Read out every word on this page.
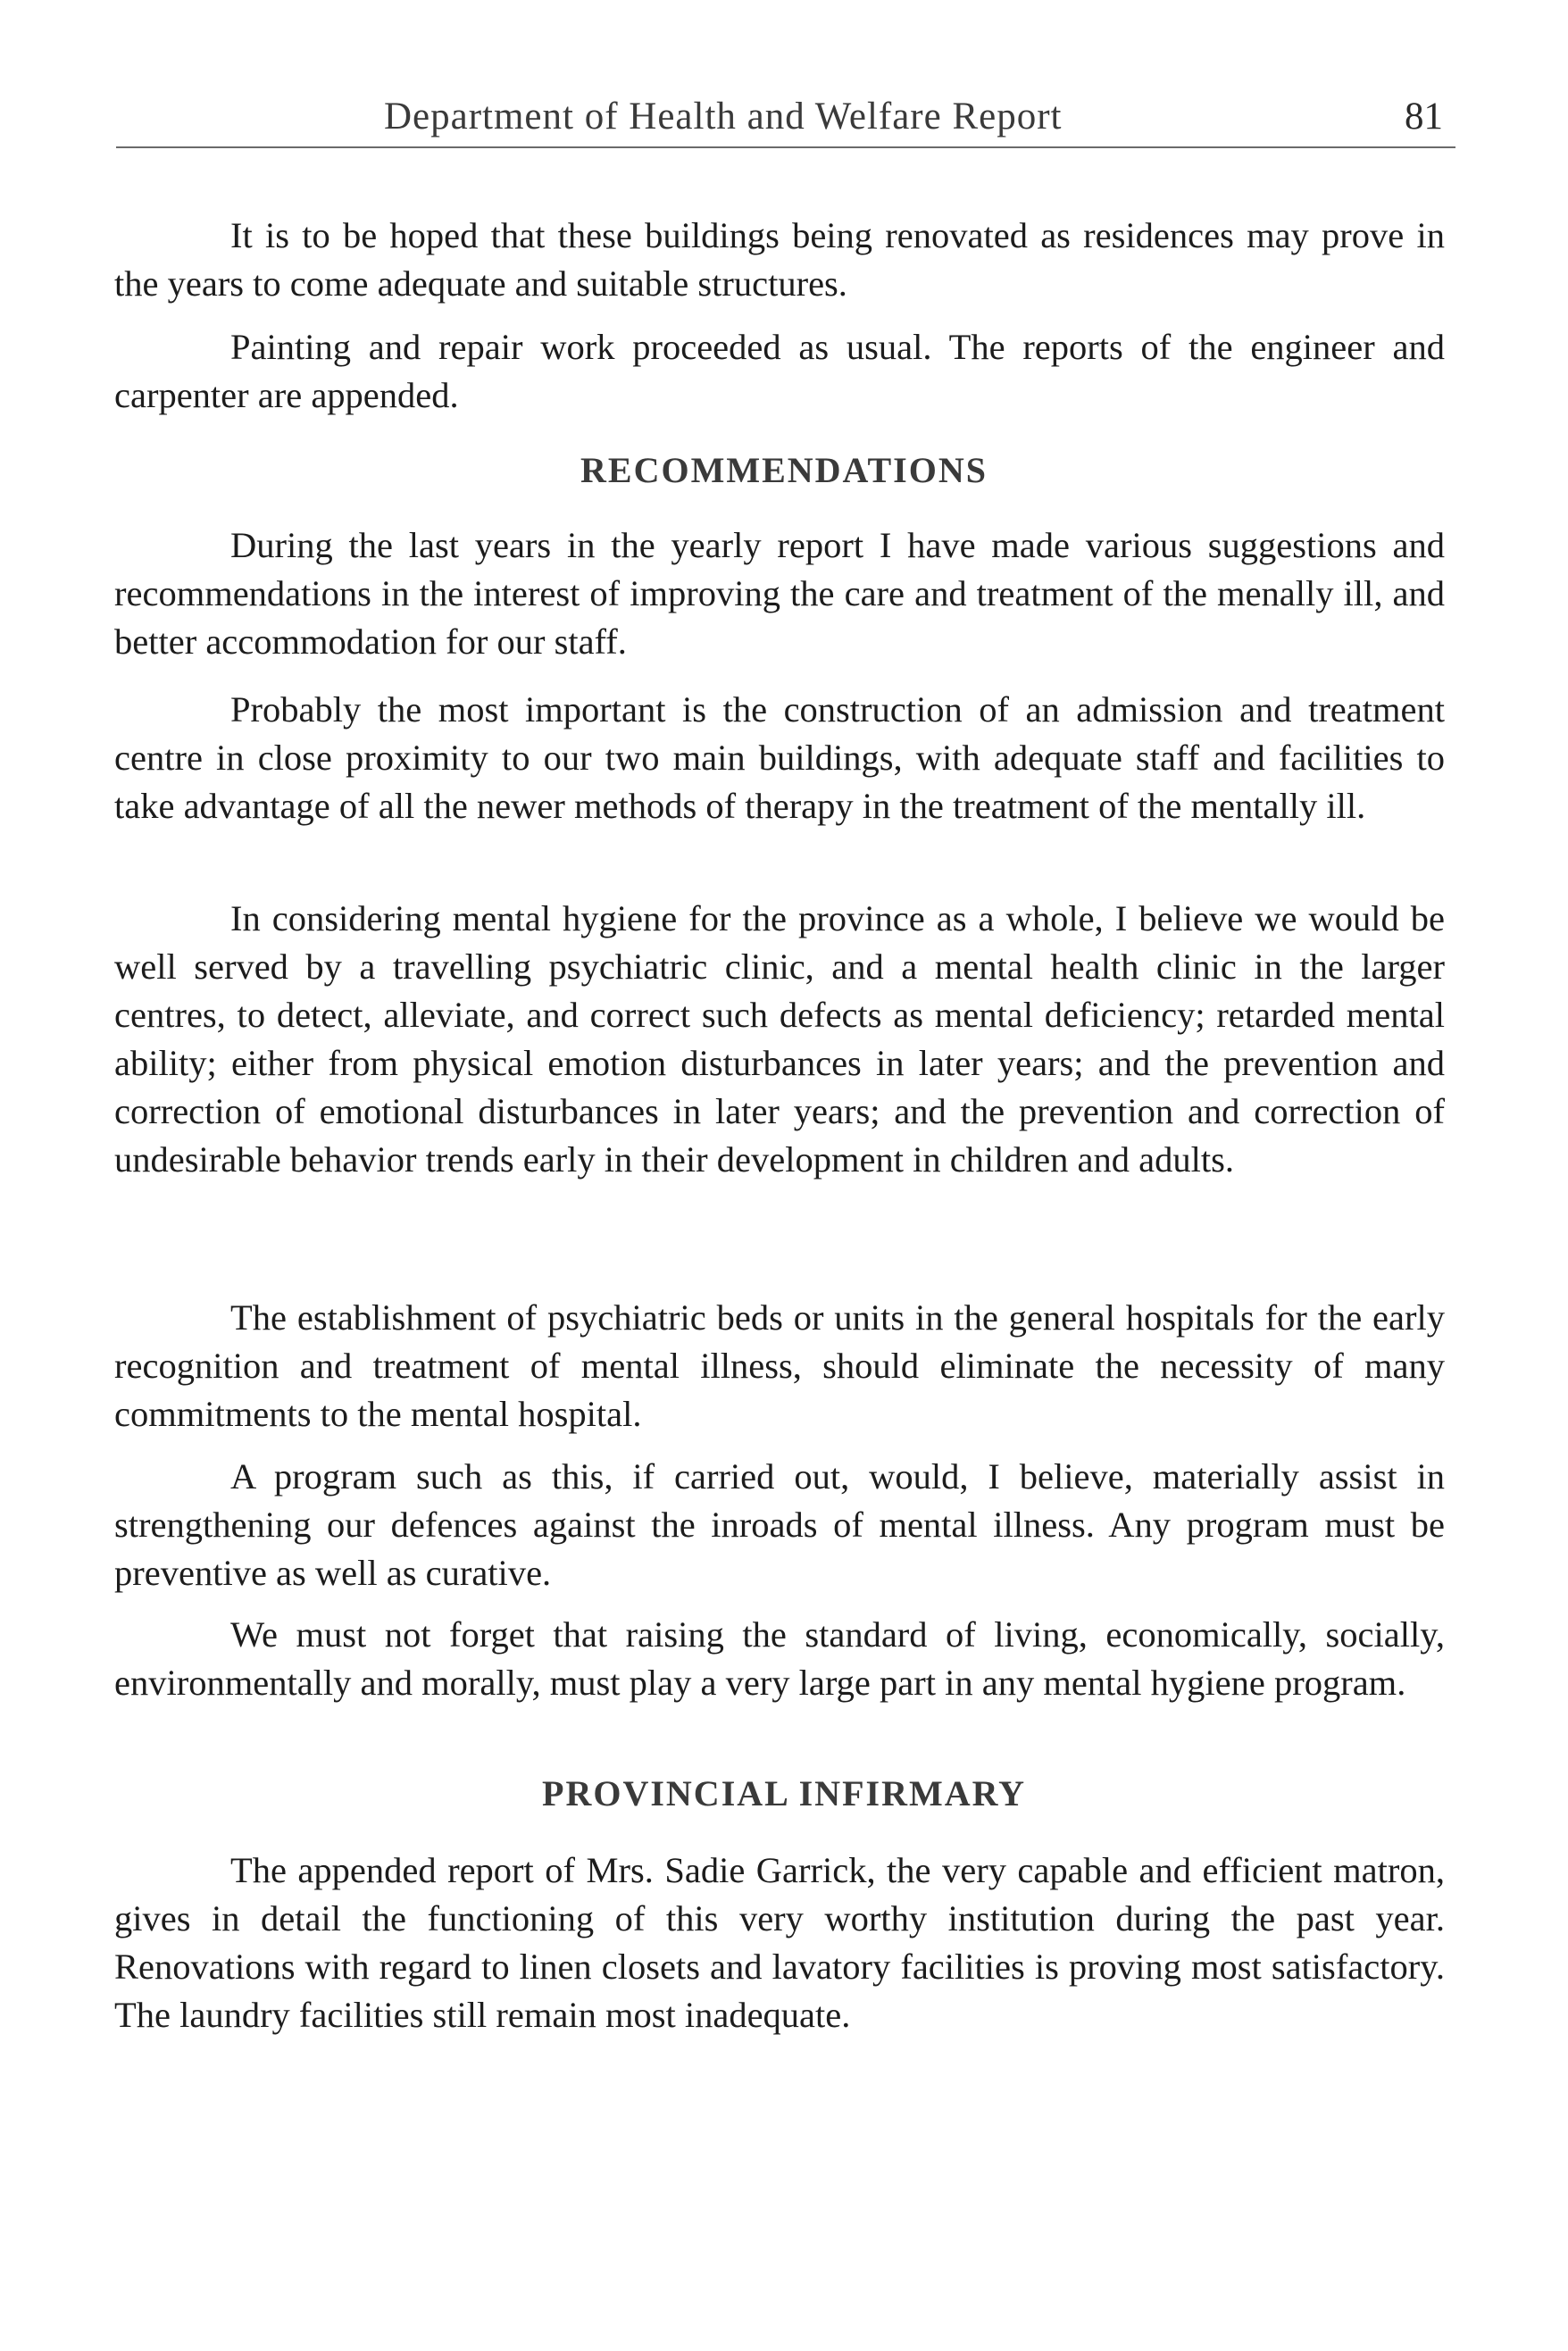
Department of Health and Welfare Report	81

It is to be hoped that these buildings being renovated as residences may prove in the years to come adequate and suitable structures.

Painting and repair work proceeded as usual. The reports of the engineer and carpenter are appended.

RECOMMENDATIONS

During the last years in the yearly report I have made various suggestions and recommendations in the interest of improving the care and treatment of the menally ill, and better accommodation for our staff.

Probably the most important is the construction of an admission and treatment centre in close proximity to our two main buildings, with adequate staff and facilities to take advantage of all the newer methods of therapy in the treatment of the mentally ill.

In considering mental hygiene for the province as a whole, I believe we would be well served by a travelling psychiatric clinic, and a mental health clinic in the larger centres, to detect, alleviate, and correct such defects as mental deficiency; retarded mental ability; either from physical emotion disturbances in later years; and the prevention and correction of emotional disturbances in later years; and the prevention and correction of undesirable behavior trends early in their development in children and adults.

The establishment of psychiatric beds or units in the general hospitals for the early recognition and treatment of mental illness, should eliminate the necessity of many commitments to the mental hospital.

A program such as this, if carried out, would, I believe, materially assist in strengthening our defences against the inroads of mental illness. Any program must be preventive as well as curative.

We must not forget that raising the standard of living, economically, socially, environmentally and morally, must play a very large part in any mental hygiene program.

PROVINCIAL INFIRMARY

The appended report of Mrs. Sadie Garrick, the very capable and efficient matron, gives in detail the functioning of this very worthy institution during the past year. Renovations with regard to linen closets and lavatory facilities is proving most satisfactory. The laundry facilities still remain most inadequate.
